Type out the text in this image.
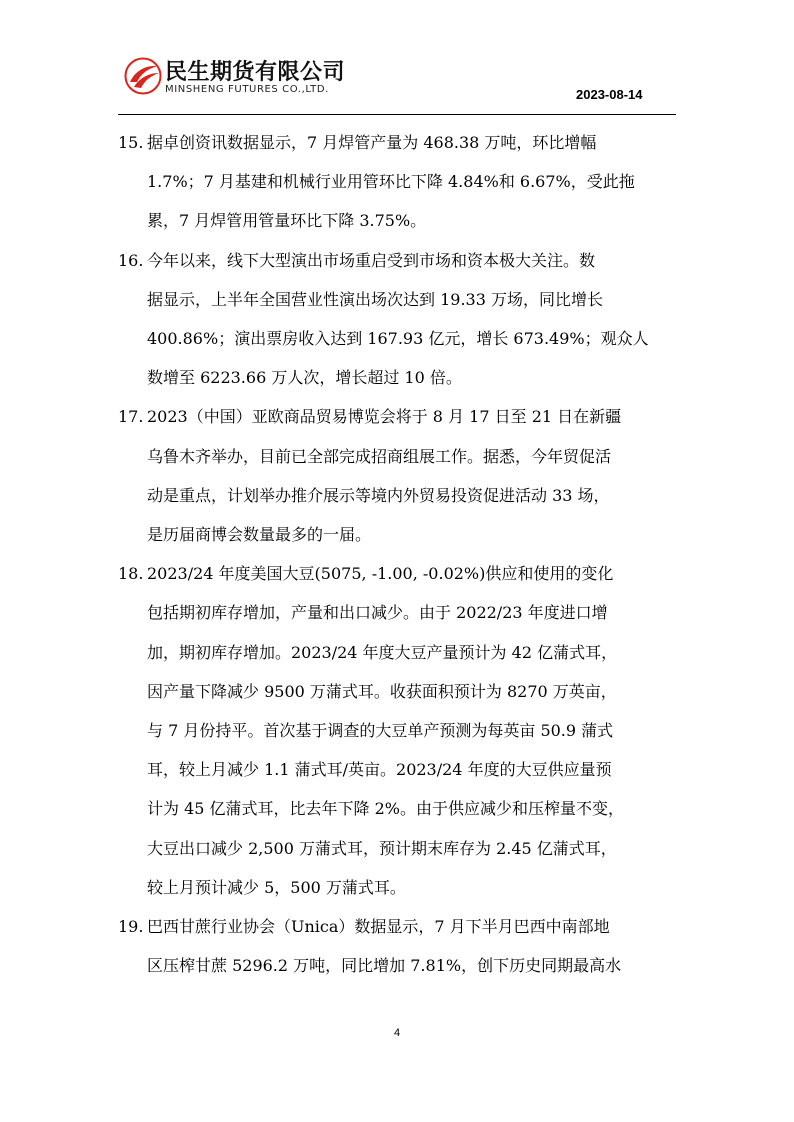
民生期货有限公司
MINSHENG FUTURES CO.,LTD.	2023-08-14
15. 据卓创资讯数据显示，7 月焊管产量为 468.38 万吨，环比增幅
1.7%；7 月基建和机械行业用管环比下降 4.84%和 6.67%，受此拖
累，7 月焊管用管量环比下降 3.75%。
16. 今年以来，线下大型演出市场重启受到市场和资本极大关注。数
据显示，上半年全国营业性演出场次达到 19.33 万场，同比增长
400.86%；演出票房收入达到 167.93 亿元，增长 673.49%；观众人
数增至 6223.66 万人次，增长超过 10 倍。
17. 2023（中国）亚欧商品贸易博览会将于 8 月 17 日至 21 日在新疆
乌鲁木齐举办，目前已全部完成招商组展工作。据悉，今年贸促活
动是重点，计划举办推介展示等境内外贸易投资促进活动 33 场，
是历届商博会数量最多的一届。
18. 2023/24 年度美国大豆(5075, -1.00, -0.02%)供应和使用的变化
包括期初库存增加，产量和出口减少。由于 2022/23 年度进口增
加，期初库存增加。2023/24 年度大豆产量预计为 42 亿蒲式耳，
因产量下降减少 9500 万蒲式耳。收获面积预计为 8270 万英亩，
与 7 月份持平。首次基于调查的大豆单产预测为每英亩 50.9 蒲式
耳，较上月减少 1.1 蒲式耳/英亩。2023/24 年度的大豆供应量预
计为 45 亿蒲式耳，比去年下降 2%。由于供应减少和压榨量不变，
大豆出口减少 2,500 万蒲式耳，预计期末库存为 2.45 亿蒲式耳，
较上月预计减少 5，500 万蒲式耳。
19. 巴西甘蔗行业协会（Unica）数据显示，7 月下半月巴西中南部地
区压榨甘蔗 5296.2 万吨，同比增加 7.81%，创下历史同期最高水
4
